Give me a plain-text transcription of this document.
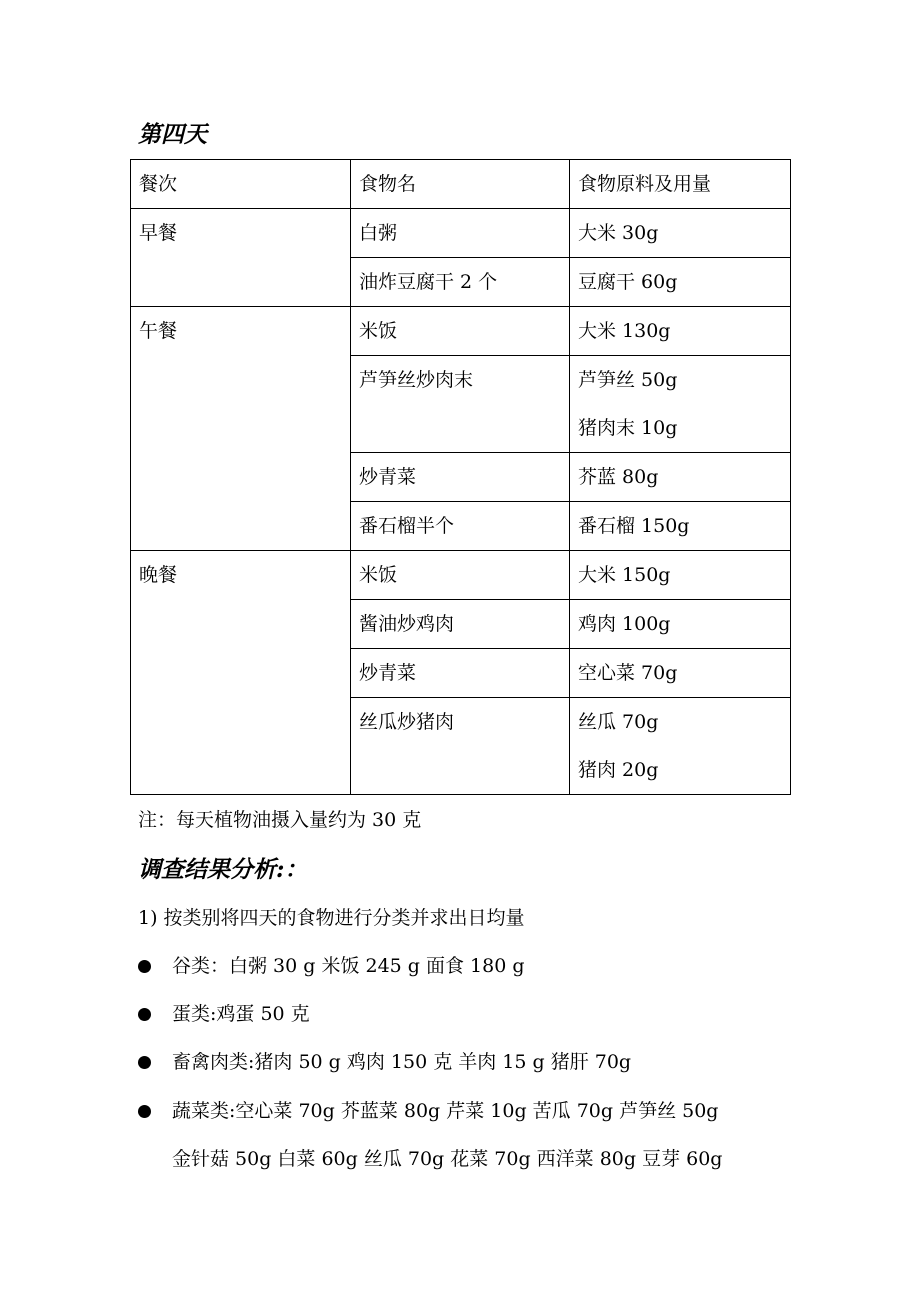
第四天
餐次	食物名	食物原料及用量
早餐	白粥	大米 30g
	油炸豆腐干 2 个	豆腐干 60g
午餐	米饭	大米 130g
	芦笋丝炒肉末	芦笋丝 50g
猪肉末 10g

	炒青菜	芥蓝 80g
	番石榴半个	番石榴 150g
晚餐	米饭	大米 150g
	酱油炒鸡肉	鸡肉 100g
	炒青菜	空心菜 70g
	丝瓜炒猪肉	丝瓜 70g
猪肉 20g

注：每天植物油摄入量约为 30 克

调查结果分析:：

1) 按类别将四天的食物进行分类并求出日均量

谷类：白粥 30 g 米饭 245 g 面食 180 g
蛋类:鸡蛋 50 克
畜禽肉类:猪肉 50 g 鸡肉 150 克 羊肉 15 g 猪肝 70g
蔬菜类:空心菜 70g 芥蓝菜 80g 芹菜 10g 苦瓜 70g 芦笋丝 50g
金针菇 50g 白菜 60g 丝瓜 70g 花菜 70g 西洋菜 80g 豆芽 60g
